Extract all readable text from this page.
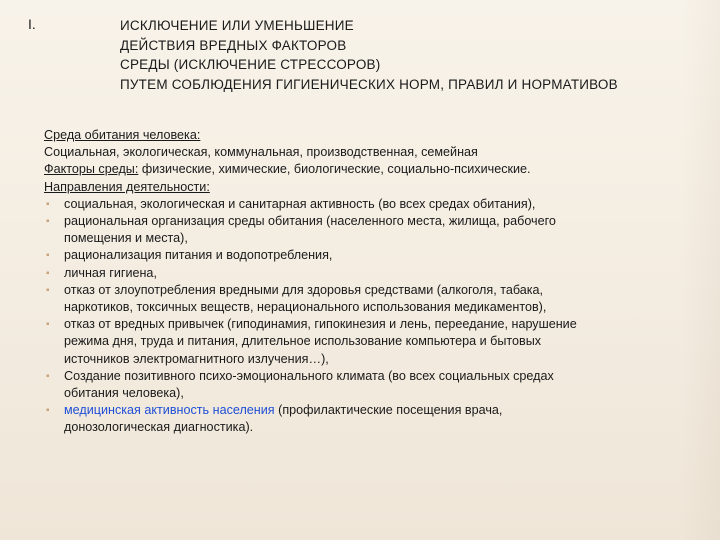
I.	ИСКЛЮЧЕНИЕ ИЛИ УМЕНЬШЕНИЕ
ДЕЙСТВИЯ ВРЕДНЫХ ФАКТОРОВ
СРЕДЫ (ИСКЛЮЧЕНИЕ СТРЕССОРОВ)
ПУТЕМ СОБЛЮДЕНИЯ ГИГИЕНИЧЕСКИХ НОРМ, ПРАВИЛ И НОРМАТИВОВ
Среда обитания человека:
Социальная, экологическая, коммунальная, производственная, семейная
Факторы среды: физические, химические, биологические, социально-психические.
Направления деятельности:
▪ социальная, экологическая и санитарная активность (во всех средах обитания),
▪ рациональная организация среды обитания (населенного места, жилища, рабочего
помещения и места),
▪ рационализация питания и водопотребления,
▪ личная гигиена,
▪ отказ от злоупотребления вредными для здоровья средствами (алкоголя, табака,
наркотиков, токсичных веществ, нерационального использования медикаментов),
▪ отказ от вредных привычек (гиподинамия, гипокинезия и лень, переедание, нарушение
режима дня, труда и питания, длительное использование компьютера и бытовых
источников электромагнитного излучения…),
▪ Создание позитивного психо-эмоционального климата (во всех социальных средах
обитания человека),
▪ медицинская активность населения (профилактические посещения врача,
донозологическая диагностика).
